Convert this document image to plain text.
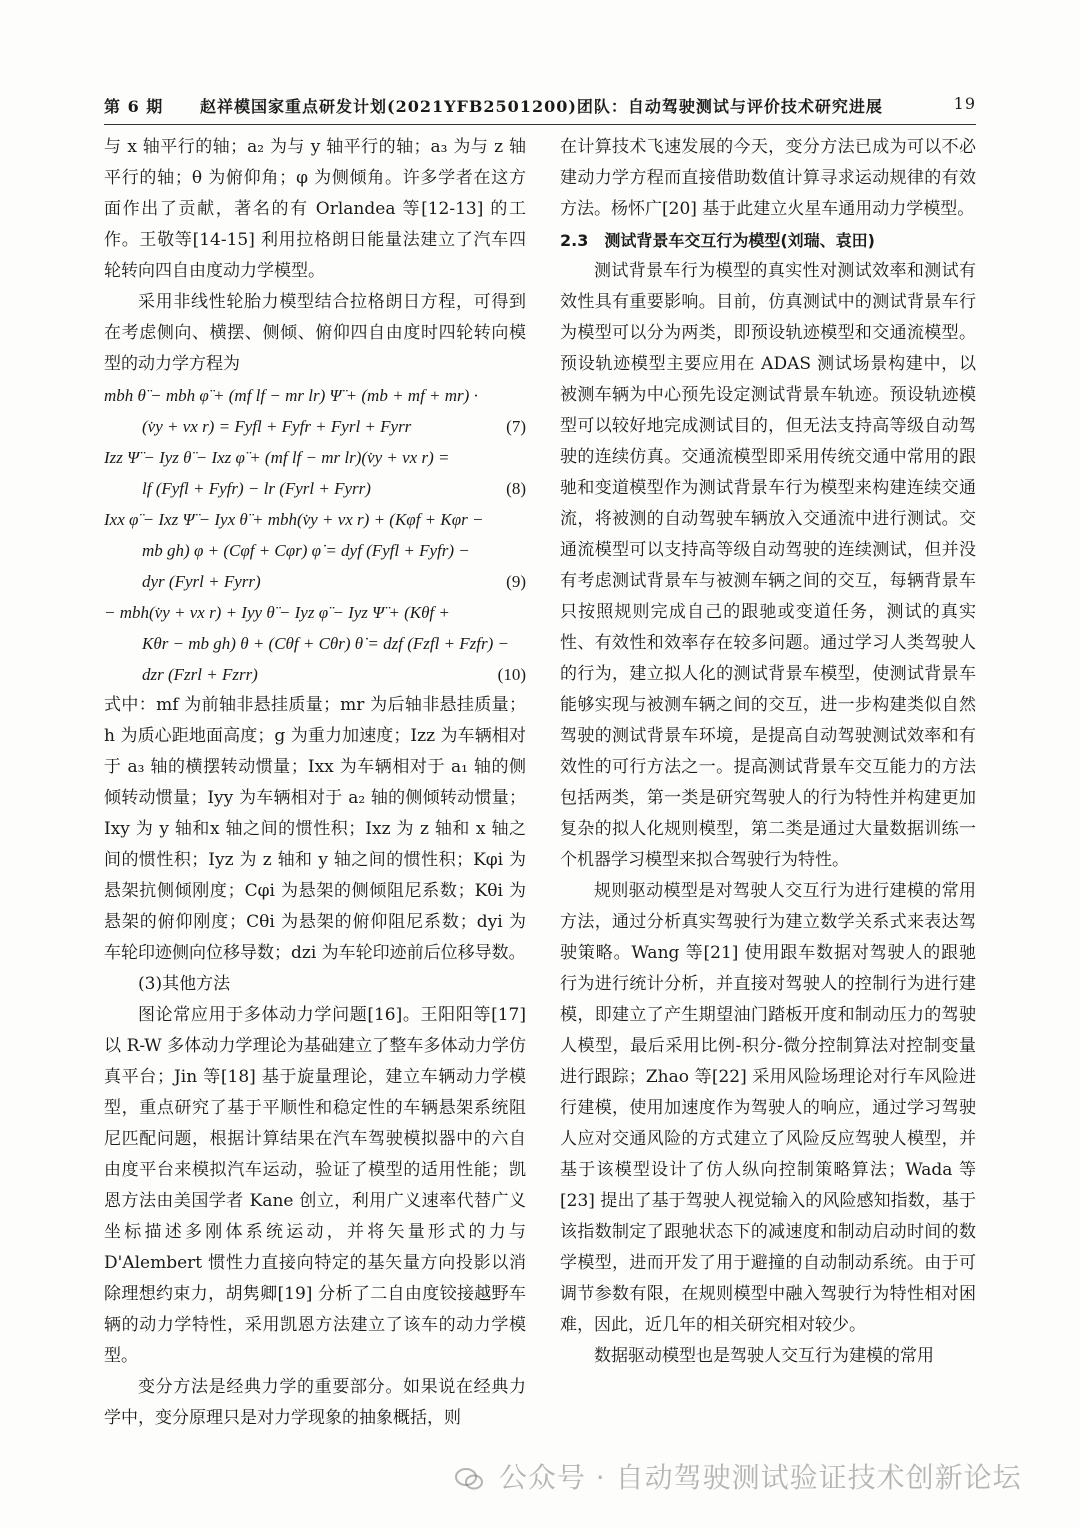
第 6 期 赵祥模国家重点研发计划(2021YFB2501200)团队：自动驾驶测试与评价技术研究进展	19

与 x 轴平行的轴；a₂ 为与 y 轴平行的轴；a₃ 为与 z 轴平行的轴；θ 为俯仰角；φ 为侧倾角。许多学者在这方面作出了贡献，著名的有 Orlandea 等[12-13] 的工作。王敬等[14-15] 利用拉格朗日能量法建立了汽车四轮转向四自由度动力学模型。

采用非线性轮胎力模型结合拉格朗日方程，可得到在考虑侧向、横摆、侧倾、俯仰四自由度时四轮转向模型的动力学方程为

mbh θ̈ − mbh φ̈ + (mf lf − mr lr) Ψ̈ + (mb + mf + mr) ·
(v̇y + vx r) = Fyfl + Fyfr + Fyrl + Fyrr	(7)
Izz Ψ̈ − Iyz θ̈ − Ixz φ̈ + (mf lf − mr lr)(v̇y + vx r) =
lf (Fyfl + Fyfr) − lr (Fyrl + Fyrr)	(8)
Ixx φ̈ − Ixz Ψ̈ − Iyx θ̈ + mbh(v̇y + vx r) + (Kφf + Kφr −
mb gh) φ + (Cφf + Cφr) φ̇ = dyf (Fyfl + Fyfr) −
dyr (Fyrl + Fyrr)	(9)
− mbh(v̇y + vx r) + Iyy θ̈ − Iyz φ̈ − Iyz Ψ̈ + (Kθf +
Kθr − mb gh) θ + (Cθf + Cθr) θ̇ = dzf (Fzfl + Fzfr) −
dzr (Fzrl + Fzrr)	(10)

式中：mf 为前轴非悬挂质量；mr 为后轴非悬挂质量；h 为质心距地面高度；g 为重力加速度；Izz 为车辆相对于 a₃ 轴的横摆转动惯量；Ixx 为车辆相对于 a₁ 轴的侧倾转动惯量；Iyy 为车辆相对于 a₂ 轴的侧倾转动惯量；Ixy 为 y 轴和x 轴之间的惯性积；Ixz 为 z 轴和 x 轴之间的惯性积；Iyz 为 z 轴和 y 轴之间的惯性积；Kφi 为悬架抗侧倾刚度；Cφi 为悬架的侧倾阻尼系数；Kθi 为悬架的俯仰刚度；Cθi 为悬架的俯仰阻尼系数；dyi 为车轮印迹侧向位移导数；dzi 为车轮印迹前后位移导数。

(3)其他方法

图论常应用于多体动力学问题[16]。王阳阳等[17] 以 R-W 多体动力学理论为基础建立了整车多体动力学仿真平台；Jin 等[18] 基于旋量理论，建立车辆动力学模型，重点研究了基于平顺性和稳定性的车辆悬架系统阻尼匹配问题，根据计算结果在汽车驾驶模拟器中的六自由度平台来模拟汽车运动，验证了模型的适用性能；凯恩方法由美国学者 Kane 创立，利用广义速率代替广义坐标描述多刚体系统运动，并将矢量形式的力与 D'Alembert 惯性力直接向特定的基矢量方向投影以消除理想约束力，胡隽卿[19] 分析了二自由度铰接越野车辆的动力学特性，采用凯恩方法建立了该车的动力学模型。

变分方法是经典力学的重要部分。如果说在经典力学中，变分原理只是对力学现象的抽象概括，则

在计算技术飞速发展的今天，变分方法已成为可以不必建动力学方程而直接借助数值计算寻求运动规律的有效方法。杨怀广[20] 基于此建立火星车通用动力学模型。

2.3　测试背景车交互行为模型(刘瑞、袁田)

测试背景车行为模型的真实性对测试效率和测试有效性具有重要影响。目前，仿真测试中的测试背景车行为模型可以分为两类，即预设轨迹模型和交通流模型。预设轨迹模型主要应用在 ADAS 测试场景构建中，以被测车辆为中心预先设定测试背景车轨迹。预设轨迹模型可以较好地完成测试目的，但无法支持高等级自动驾驶的连续仿真。交通流模型即采用传统交通中常用的跟驰和变道模型作为测试背景车行为模型来构建连续交通流，将被测的自动驾驶车辆放入交通流中进行测试。交通流模型可以支持高等级自动驾驶的连续测试，但并没有考虑测试背景车与被测车辆之间的交互，每辆背景车只按照规则完成自己的跟驰或变道任务，测试的真实性、有效性和效率存在较多问题。通过学习人类驾驶人的行为，建立拟人化的测试背景车模型，使测试背景车能够实现与被测车辆之间的交互，进一步构建类似自然驾驶的测试背景车环境，是提高自动驾驶测试效率和有效性的可行方法之一。提高测试背景车交互能力的方法包括两类，第一类是研究驾驶人的行为特性并构建更加复杂的拟人化规则模型，第二类是通过大量数据训练一个机器学习模型来拟合驾驶行为特性。

规则驱动模型是对驾驶人交互行为进行建模的常用方法，通过分析真实驾驶行为建立数学关系式来表达驾驶策略。Wang 等[21] 使用跟车数据对驾驶人的跟驰行为进行统计分析，并直接对驾驶人的控制行为进行建模，即建立了产生期望油门踏板开度和制动压力的驾驶人模型，最后采用比例-积分-微分控制算法对控制变量进行跟踪；Zhao 等[22] 采用风险场理论对行车风险进行建模，使用加速度作为驾驶人的响应，通过学习驾驶人应对交通风险的方式建立了风险反应驾驶人模型，并基于该模型设计了仿人纵向控制策略算法；Wada 等[23] 提出了基于驾驶人视觉输入的风险感知指数，基于该指数制定了跟驰状态下的减速度和制动启动时间的数学模型，进而开发了用于避撞的自动制动系统。由于可调节参数有限，在规则模型中融入驾驶行为特性相对困难，因此，近几年的相关研究相对较少。

数据驱动模型也是驾驶人交互行为建模的常用

公众号 · 自动驾驶测试验证技术创新论坛
